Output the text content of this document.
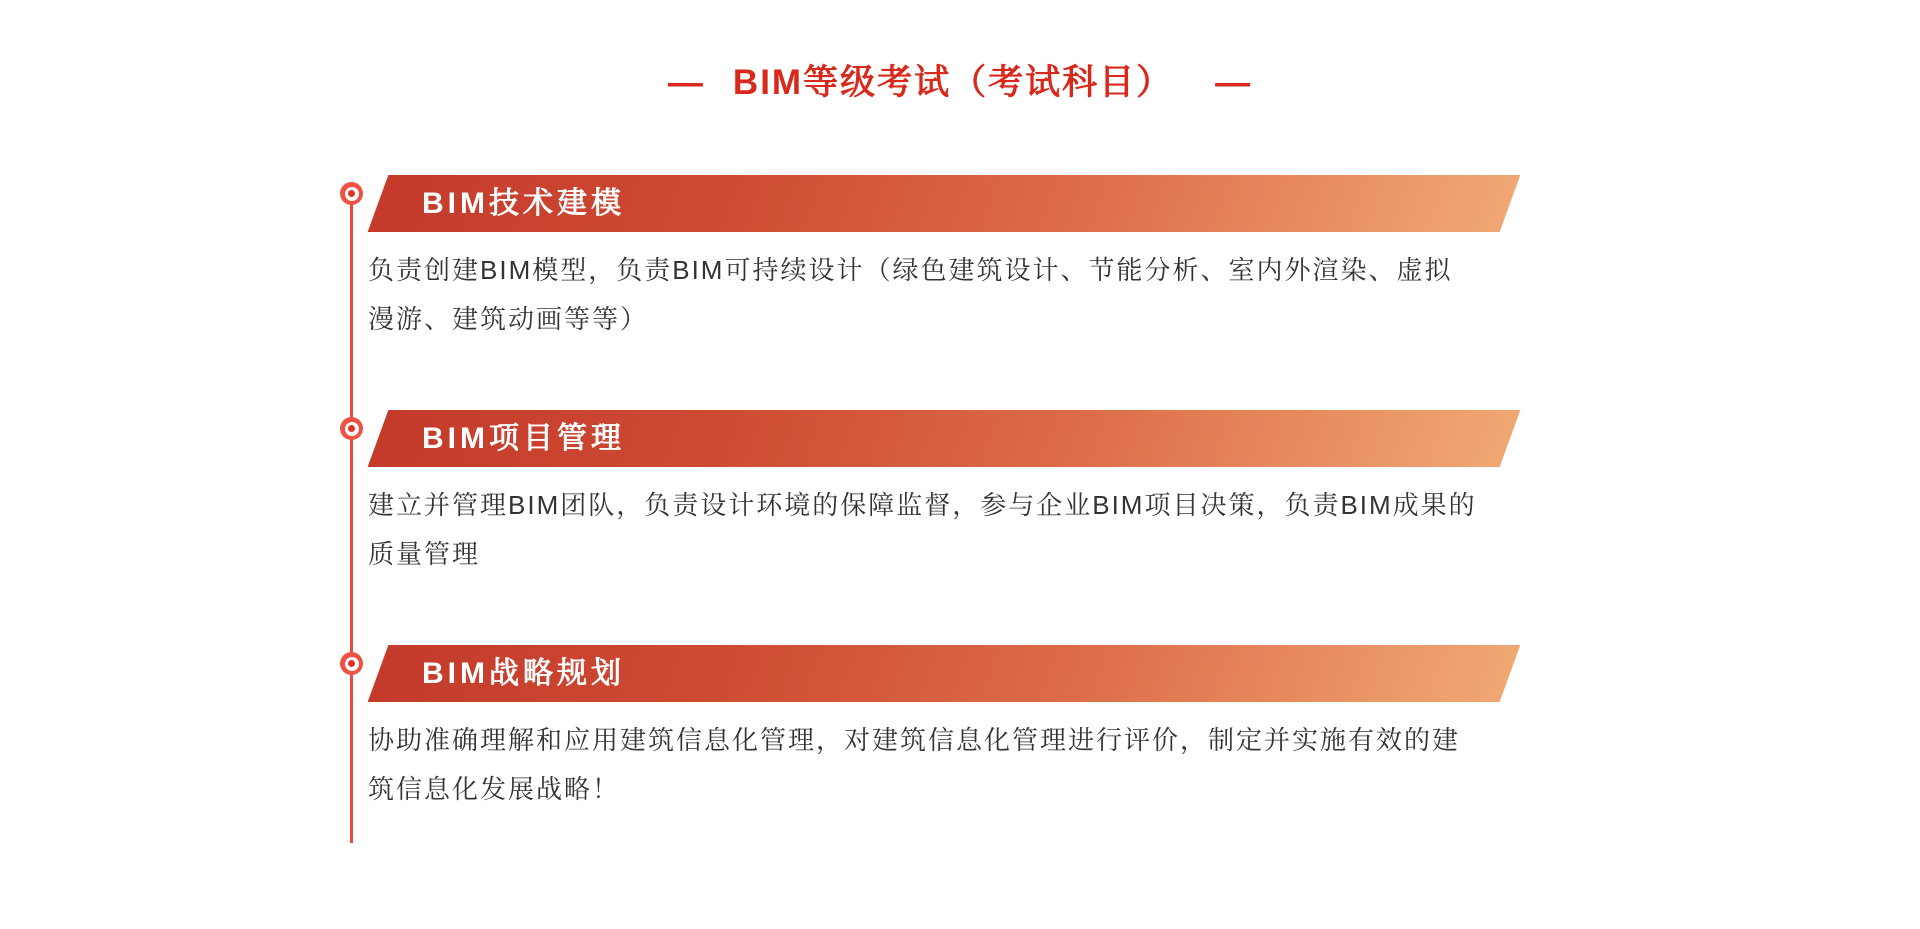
— BIM等级考试（考试科目） —
BIM技术建模
负责创建BIM模型，负责BIM可持续设计（绿色建筑设计、节能分析、室内外渲染、虚拟
漫游、建筑动画等等）
BIM项目管理
建立并管理BIM团队，负责设计环境的保障监督，参与企业BIM项目决策，负责BIM成果的
质量管理
BIM战略规划
协助准确理解和应用建筑信息化管理，对建筑信息化管理进行评价，制定并实施有效的建
筑信息化发展战略！
